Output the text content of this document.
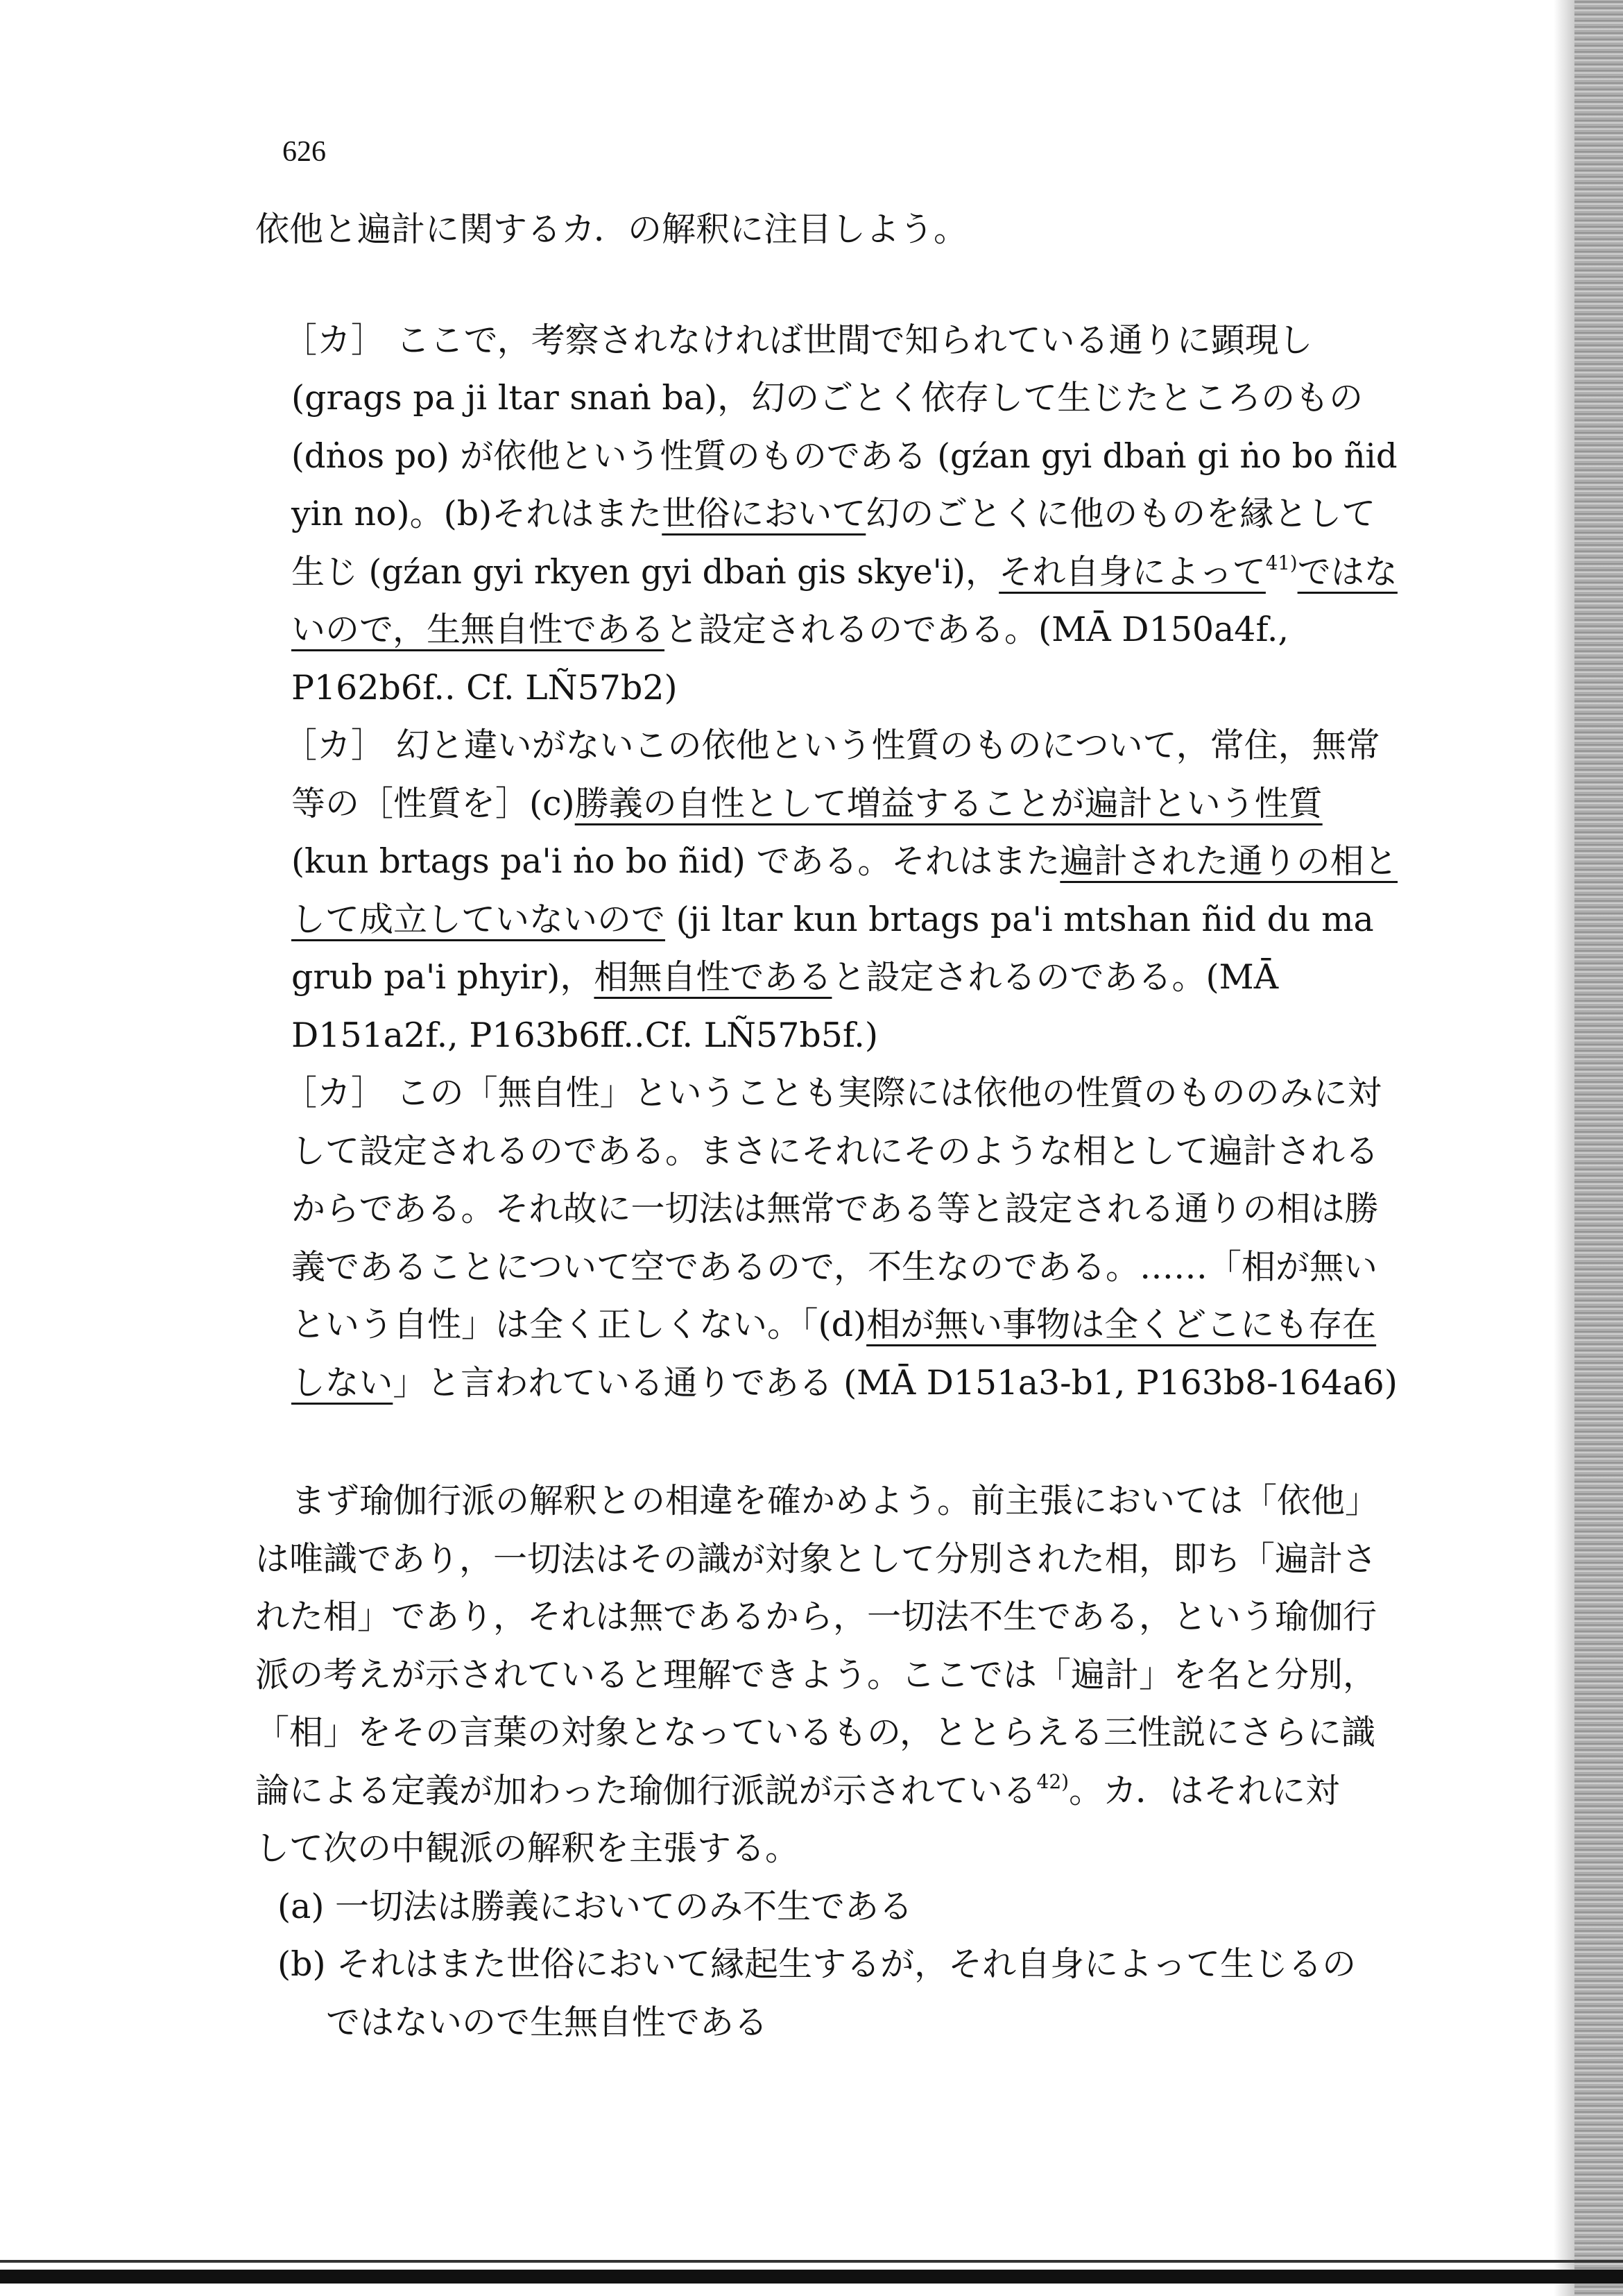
626
依他と遍計に関するカ．の解釈に注目しよう。
［カ］ ここで，考察されなければ世間で知られている通りに顕現し
(grags pa ji ltar snaṅ ba)，幻のごとく依存して生じたところのもの
(dṅos po) が依他という性質のものである (gźan gyi dbaṅ gi ṅo bo ñid
yin no)。(b)それはまた世俗において幻のごとくに他のものを縁として
生じ (gźan gyi rkyen gyi dbaṅ gis skye'i)，それ自身によって$^{41)}$ではな
いので，生無自性であると設定されるのである。(MĀ D150a4f.,
P162b6f.. Cf. LÑ57b2)
［カ］ 幻と違いがないこの依他という性質のものについて，常住，無常
等の［性質を］(c)勝義の自性として増益することが遍計という性質
(kun brtags pa'i ṅo bo ñid) である。それはまた遍計された通りの相と
して成立していないので (ji ltar kun brtags pa'i mtshan ñid du ma
grub pa'i phyir)，相無自性であると設定されるのである。(MĀ
D151a2f., P163b6ff..Cf. LÑ57b5f.)
［カ］ この「無自性」ということも実際には依他の性質のもののみに対
して設定されるのである。まさにそれにそのような相として遍計される
からである。それ故に一切法は無常である等と設定される通りの相は勝
義であることについて空であるので，不生なのである。……「相が無い
という自性」は全く正しくない。「(d)相が無い事物は全くどこにも存在
しない」と言われている通りである (MĀ D151a3-b1, P163b8-164a6)
まず瑜伽行派の解釈との相違を確かめよう。前主張においては「依他」
は唯識であり，一切法はその識が対象として分別された相，即ち「遍計さ
れた相」であり，それは無であるから，一切法不生である，という瑜伽行
派の考えが示されていると理解できよう。ここでは「遍計」を名と分別，
「相」をその言葉の対象となっているもの，ととらえる三性説にさらに識
論による定義が加わった瑜伽行派説が示されている$^{42)}$。カ．はそれに対
して次の中観派の解釈を主張する。
(a) 一切法は勝義においてのみ不生である
(b) それはまた世俗において縁起生するが，それ自身によって生じるの
ではないので生無自性である
